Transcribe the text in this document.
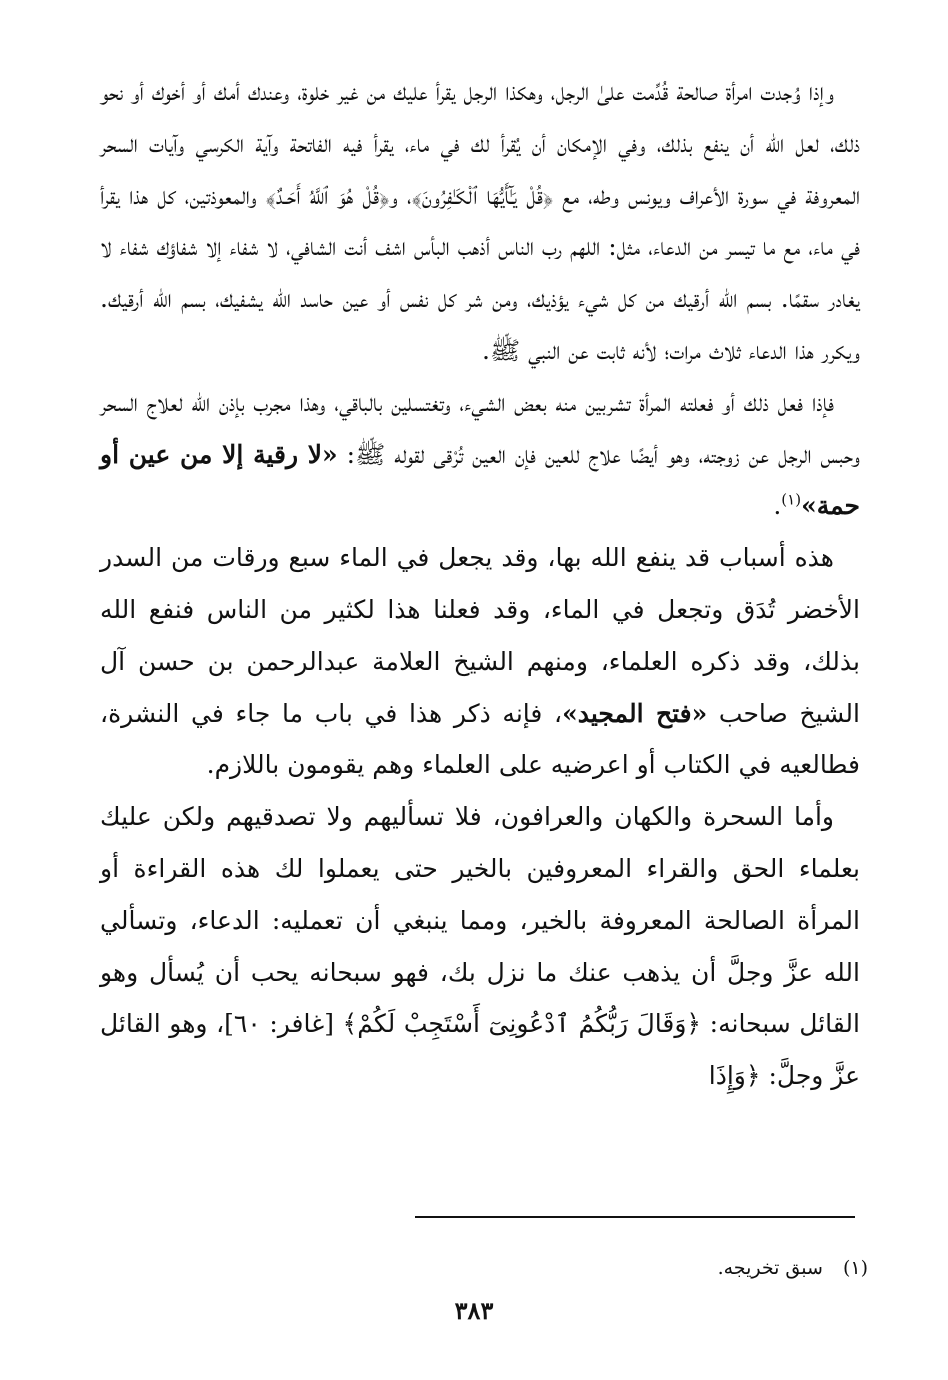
وإذا وُجدت امرأة صالحة قُدِّمت علىٰ الرجل، وهكذا الرجل يقرأ عليك من غير خلوة، وعندك أمك أو أخوك أو نحو ذلك، لعل الله أن ينفع بذلك، وفي الإمكان أن يُقرأ لك في ماء، يقرأ فيه الفاتحة وآية الكرسي وآيات السحر المعروفة في سورة الأعراف ويونس وطه، مع ﴿قُلْ يَـٰٓأَيُّهَا ٱلْكَـٰفِرُونَ﴾، و﴿قُلْ هُوَ ٱللَّهُ أَحَـدٌ﴾ والمعوذتين، كل هذا يقرأ في ماء، مع ما تيسر من الدعاء، مثل: اللهم رب الناس أذهب البأس اشف أنت الشافي، لا شفاء إلا شفاؤك شفاء لا يغادر سقمًا. بسم الله أرقيك من كل شيء يؤذيك، ومن شر كل نفس أو عين حاسد الله يشفيك، بسم الله أرقيك. ويكرر هذا الدعاء ثلاث مرات؛ لأنه ثابت عن النبي ﷺ.

فإذا فعل ذلك أو فعلته المرأة تشربين منه بعض الشيء، وتغتسلين بالباقي، وهذا مجرب بإذن الله لعلاج السحر وحبس الرجل عن زوجته، وهو أيضًا علاج للعين فإن العين تُرْقى لقوله ﷺ: «لا رقية إلا من عين أو حمة»$^{(١)}$.

هذه أسباب قد ينفع الله بها، وقد يجعل في الماء سبع ورقات من السدر الأخضر تُدَق وتجعل في الماء، وقد فعلنا هذا لكثير من الناس فنفع الله بذلك، وقد ذكره العلماء، ومنهم الشيخ العلامة عبدالرحمن بن حسن آل الشيخ صاحب «فتح المجيد»، فإنه ذكر هذا في باب ما جاء في النشرة، فطالعيه في الكتاب أو اعرضيه على العلماء وهم يقومون باللازم.

وأما السحرة والكهان والعرافون، فلا تسأليهم ولا تصدقيهم ولكن عليك بعلماء الحق والقراء المعروفين بالخير حتى يعملوا لك هذه القراءة أو المرأة الصالحة المعروفة بالخير، ومما ينبغي أن تعمليه: الدعاء، وتسألي الله عزَّ وجلَّ أن يذهب عنك ما نزل بك، فهو سبحانه يحب أن يُسأل وهو القائل سبحانه: ﴿وَقَالَ رَبُّكُمُ ٱدْعُونِىٓ أَسْتَجِبْ لَكُمْ﴾ [غافر: ٦٠]، وهو القائل عزَّ وجلَّ: ﴿وَإِذَا

(١)سبق تخريجه.
٣٨٣
